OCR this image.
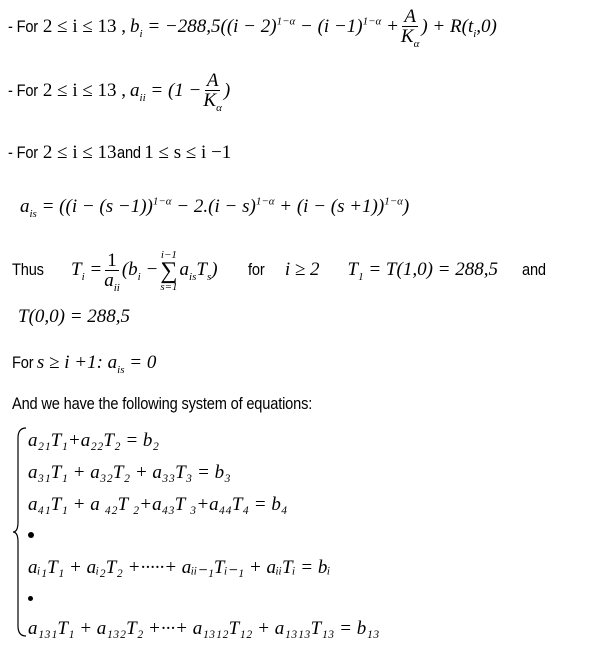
- For2 ≤ i ≤ 13 , $b_i = -288,5((i - 2)^{1-\alpha} - (i -1)^{1-\alpha} + \frac{A}{K_\alpha}$ ) + $R(t_i,0)$
- For2 ≤ i ≤ 13 , $a_{ii} = (1 - \frac{A}{K_\alpha}$ )
- For2 ≤ i ≤ 13and1 ≤ s ≤ i −1
$a_{is} = ((i - (s -1))^{1-\alpha} - 2.(i - s)^{1-\alpha} + (i - (s +1))^{1-\alpha})$
Thus $T_i = \frac{1}{a_{ii}} (b_i$ −
i−1
∑
s=1
$a_{is}T_s$) for i ≥ 2 $T_1 = T(1,0) = 288,5$ and
T(0,0) = 288,5
Fors ≥ i +1: $a_{is} = 0$
And we have the following system of equations:
a₂₁T₁+a₂₂T₂ = b₂
a₃₁T₁ + a₃₂T₂ + a₃₃T₃ = b₃
a₄₁T₁ + a ₄₂T ₂+a₄₃T ₃+a₄₄T₄ = b₄
aᵢ₁T₁ + aᵢ₂T₂ +·····+ aᵢᵢ₋₁Tᵢ₋₁ + aᵢᵢTᵢ = bᵢ
a₁₃₁T₁ + a₁₃₂T₂ +···+ a₁₃₁₂T₁₂ + a₁₃₁₃T₁₃ = b₁₃
